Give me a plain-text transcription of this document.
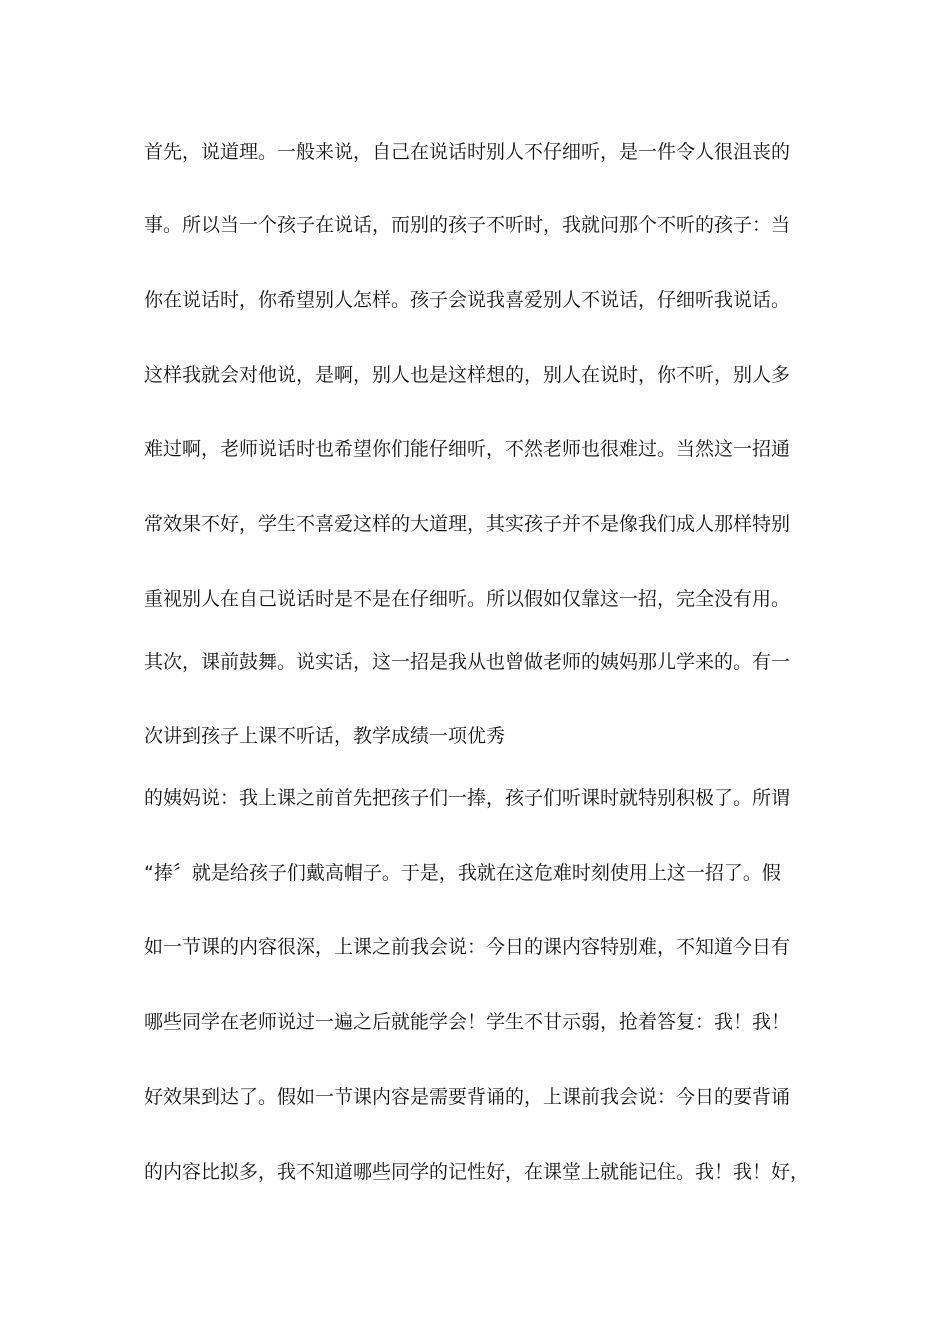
首先，说道理。一般来说，自己在说话时别人不仔细听，是一件令人很沮丧的
事。所以当一个孩子在说话，而别的孩子不听时，我就问那个不听的孩子：当
你在说话时，你希望别人怎样。孩子会说我喜爱别人不说话，仔细听我说话。
这样我就会对他说，是啊，别人也是这样想的，别人在说时，你不听，别人多
难过啊，老师说话时也希望你们能仔细听，不然老师也很难过。当然这一招通
常效果不好，学生不喜爱这样的大道理，其实孩子并不是像我们成人那样特别
重视别人在自己说话时是不是在仔细听。所以假如仅靠这一招，完全没有用。
其次，课前鼓舞。说实话，这一招是我从也曾做老师的姨妈那儿学来的。有一
次讲到孩子上课不听话，教学成绩一项优秀
的姨妈说：我上课之前首先把孩子们一捧，孩子们听课时就特别积极了。所谓
“捧〞就是给孩子们戴高帽子。于是，我就在这危难时刻使用上这一招了。假
如一节课的内容很深，上课之前我会说：今日的课内容特别难，不知道今日有
哪些同学在老师说过一遍之后就能学会！学生不甘示弱，抢着答复：我！我！
好效果到达了。假如一节课内容是需要背诵的，上课前我会说：今日的要背诵
的内容比拟多，我不知道哪些同学的记性好，在课堂上就能记住。我！我！好，
